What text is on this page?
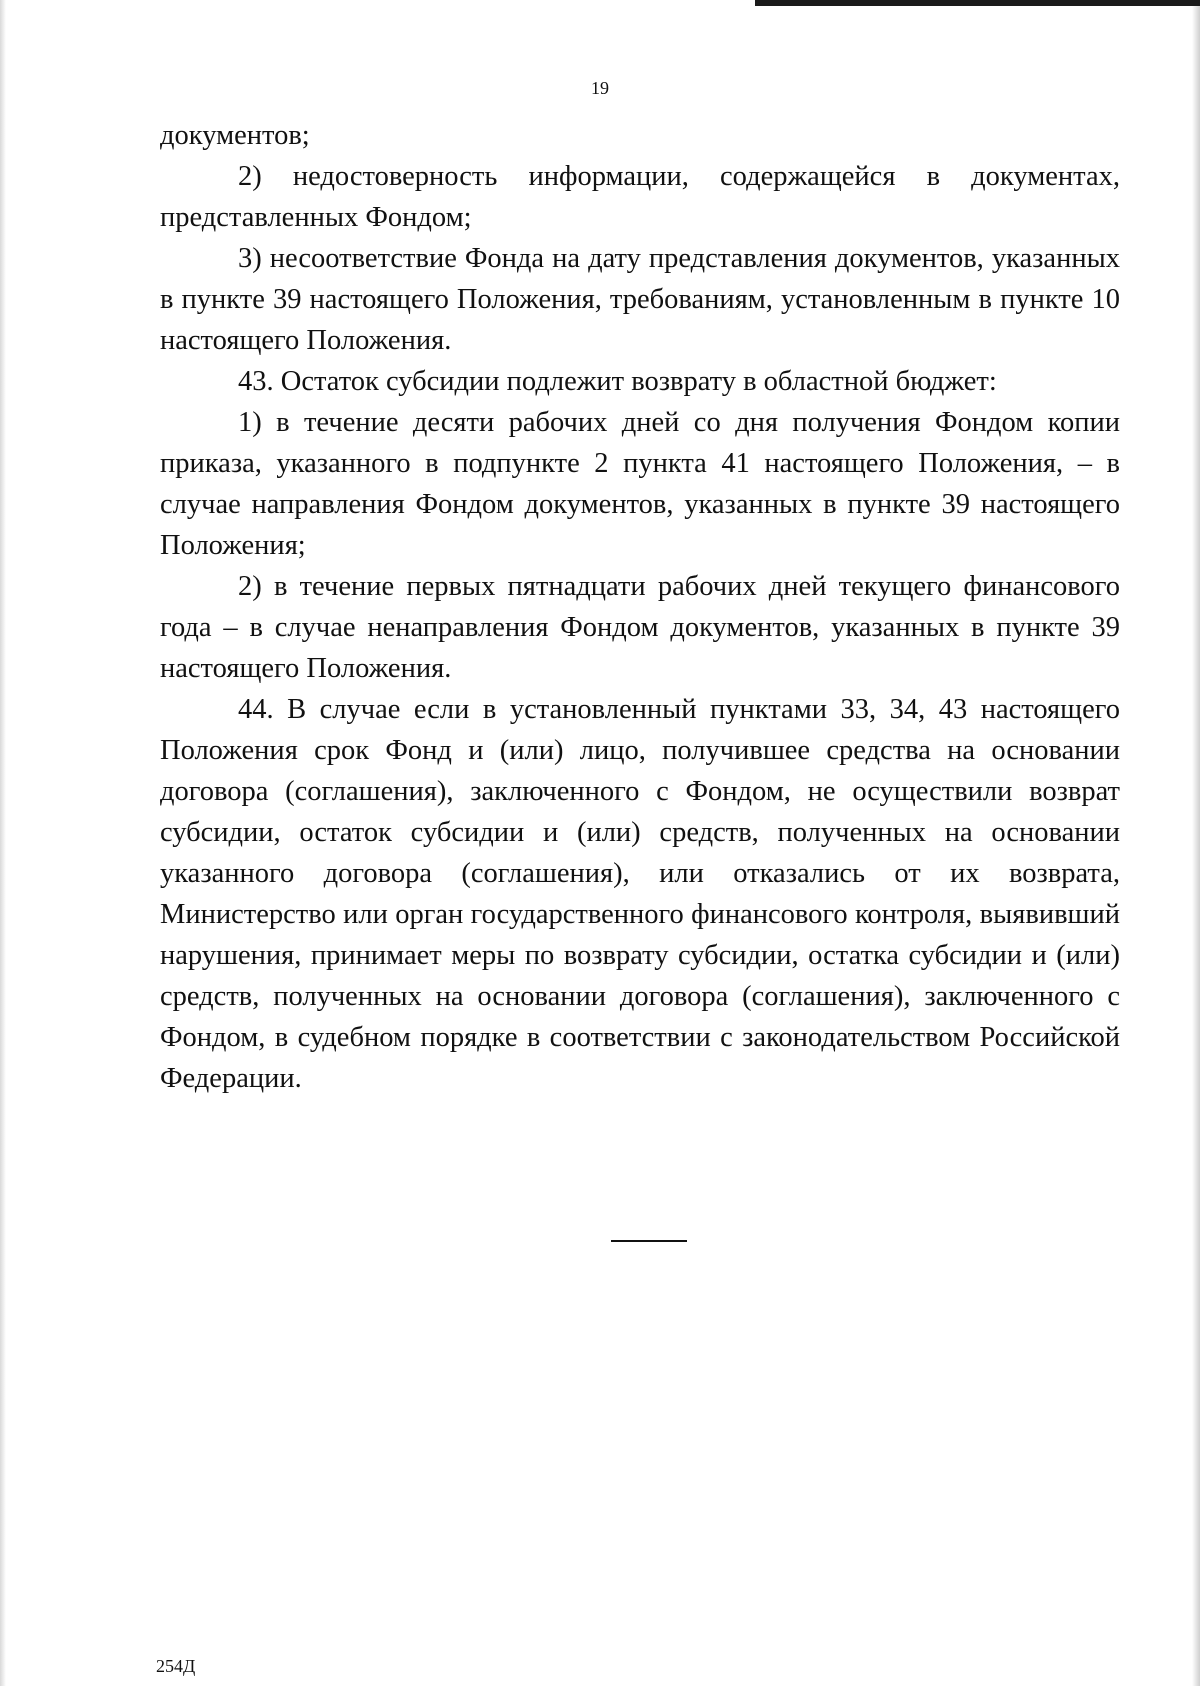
19

документов;

2) недостоверность информации, содержащейся в документах, представленных Фондом;

3) несоответствие Фонда на дату представления документов, указанных в пункте 39 настоящего Положения, требованиям, установленным в пункте 10 настоящего Положения.

43. Остаток субсидии подлежит возврату в областной бюджет:

1) в течение десяти рабочих дней со дня получения Фондом копии приказа, указанного в подпункте 2 пункта 41 настоящего Положения, – в случае направления Фондом документов, указанных в пункте 39 настоящего Положения;

2) в течение первых пятнадцати рабочих дней текущего финансового года – в случае ненаправления Фондом документов, указанных в пункте 39 настоящего Положения.

44. В случае если в установленный пунктами 33, 34, 43 настоящего Положения срок Фонд и (или) лицо, получившее средства на основании договора (соглашения), заключенного с Фондом, не осуществили возврат субсидии, остаток субсидии и (или) средств, полученных на основании указанного договора (соглашения), или отказались от их возврата, Министерство или орган государственного финансового контроля, выявивший нарушения, принимает меры по возврату субсидии, остатка субсидии и (или) средств, полученных на основании договора (соглашения), заключенного с Фондом, в судебном порядке в соответствии с законодательством Российской Федерации.

254Д
